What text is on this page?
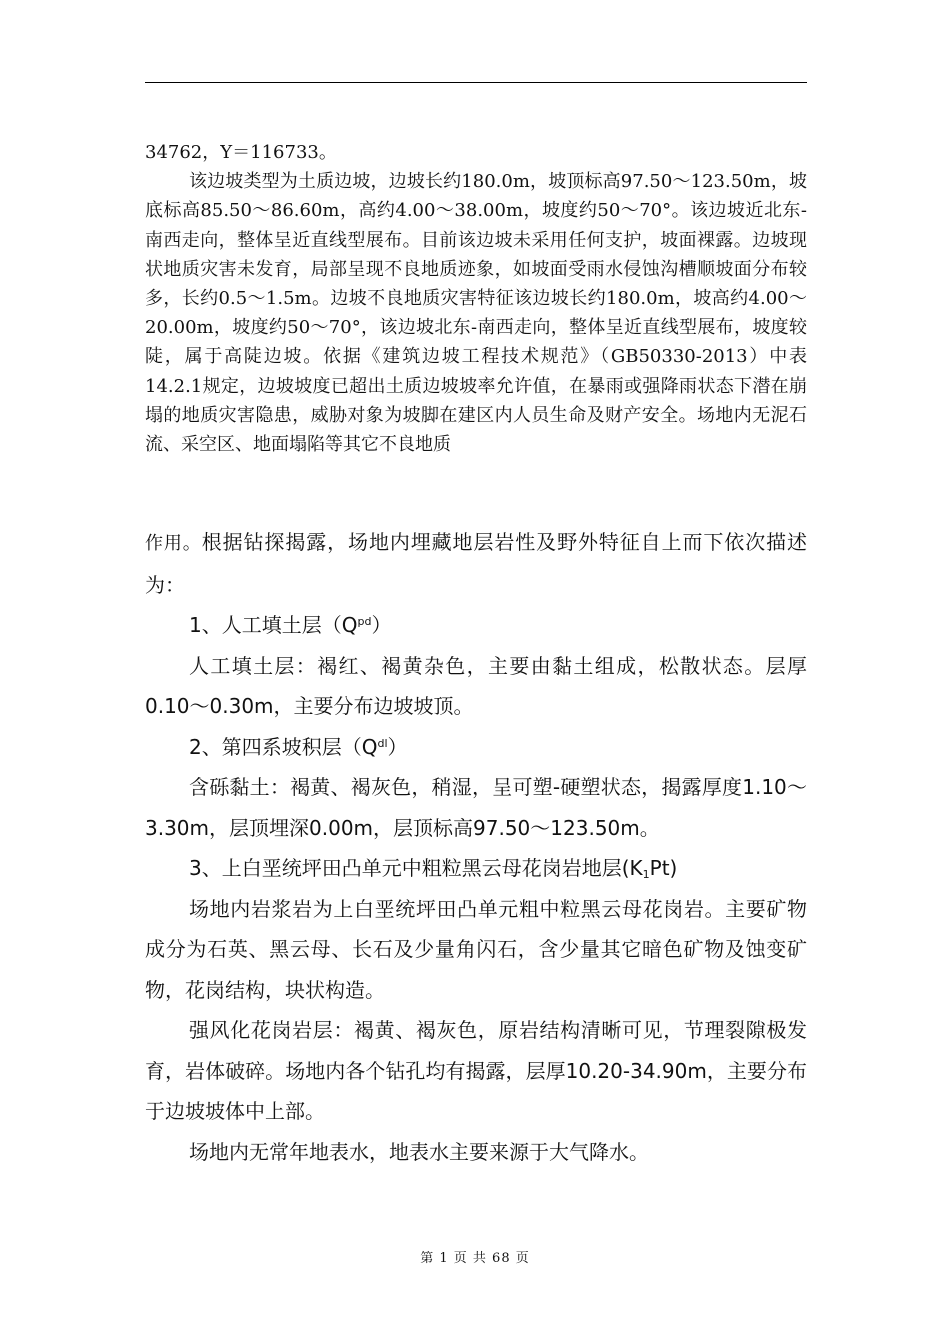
34762，Y＝116733。

该边坡类型为土质边坡，边坡长约180.0m，坡顶标高97.50～123.50m，坡底标高85.50～86.60m，高约4.00～38.00m，坡度约50～70°。该边坡近北东-南西走向，整体呈近直线型展布。目前该边坡未采用任何支护，坡面裸露。边坡现状地质灾害未发育，局部呈现不良地质迹象，如坡面受雨水侵蚀沟槽顺坡面分布较多，长约0.5～1.5m。边坡不良地质灾害特征该边坡长约180.0m，坡高约4.00～20.00m，坡度约50～70°，该边坡北东-南西走向，整体呈近直线型展布，坡度较陡，属于高陡边坡。依据《建筑边坡工程技术规范》（GB50330-2013）中表14.2.1规定，边坡坡度已超出土质边坡坡率允许值，在暴雨或强降雨状态下潜在崩塌的地质灾害隐患，威胁对象为坡脚在建区内人员生命及财产安全。场地内无泥石流、采空区、地面塌陷等其它不良地质

作用。根据钻探揭露，场地内埋藏地层岩性及野外特征自上而下依次描述为：

1、人工填土层$(Q^{pd})$

人工填土层：褐红、褐黄杂色，主要由黏土组成，松散状态。层厚0.10～0.30m，主要分布边坡坡顶。

2、第四系坡积层$(Q^{dl})$

含砾黏土：褐黄、褐灰色，稍湿，呈可塑-硬塑状态，揭露厚度1.10～3.30m，层顶埋深0.00m，层顶标高97.50～123.50m。

3、上白垩统坪田凸单元中粗粒黑云母花岗岩地层$(K_1Pt)$

场地内岩浆岩为上白垩统坪田凸单元粗中粒黑云母花岗岩。主要矿物成分为石英、黑云母、长石及少量角闪石，含少量其它暗色矿物及蚀变矿物，花岗结构，块状构造。

强风化花岗岩层：褐黄、褐灰色，原岩结构清晰可见，节理裂隙极发育，岩体破碎。场地内各个钻孔均有揭露，层厚10.20-34.90m，主要分布于边坡坡体中上部。

场地内无常年地表水，地表水主要来源于大气降水。

第 1 页 共 68 页
